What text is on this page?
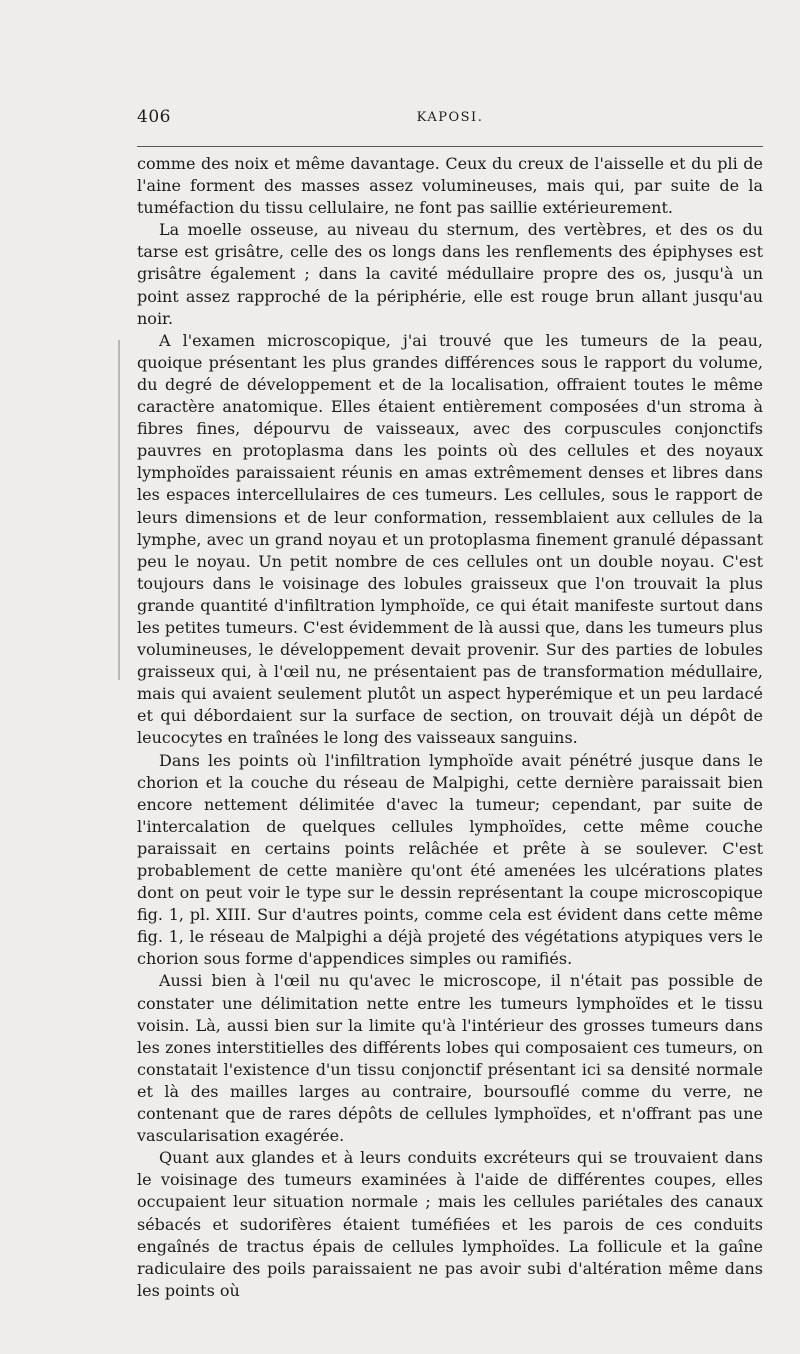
406	KAPOSI.

comme des noix et même davantage. Ceux du creux de l'aisselle et du pli de l'aine forment des masses assez volumineuses, mais qui, par suite de la tuméfaction du tissu cellulaire, ne font pas saillie extérieurement.

La moelle osseuse, au niveau du sternum, des vertèbres, et des os du tarse est grisâtre, celle des os longs dans les renflements des épiphyses est grisâtre également ; dans la cavité médullaire propre des os, jusqu'à un point assez rapproché de la périphérie, elle est rouge brun allant jusqu'au noir.

A l'examen microscopique, j'ai trouvé que les tumeurs de la peau, quoique présentant les plus grandes différences sous le rapport du volume, du degré de développement et de la localisation, offraient toutes le même caractère anatomique. Elles étaient entièrement composées d'un stroma à fibres fines, dépourvu de vaisseaux, avec des corpuscules conjonctifs pauvres en protoplasma dans les points où des cellules et des noyaux lymphoïdes paraissaient réunis en amas extrêmement denses et libres dans les espaces intercellulaires de ces tumeurs. Les cellules, sous le rapport de leurs dimensions et de leur conformation, ressemblaient aux cellules de la lymphe, avec un grand noyau et un protoplasma finement granulé dépassant peu le noyau. Un petit nombre de ces cellules ont un double noyau. C'est toujours dans le voisinage des lobules graisseux que l'on trouvait la plus grande quantité d'infiltration lymphoïde, ce qui était manifeste surtout dans les petites tumeurs. C'est évidemment de là aussi que, dans les tumeurs plus volumineuses, le développement devait provenir. Sur des parties de lobules graisseux qui, à l'œil nu, ne présentaient pas de transformation médullaire, mais qui avaient seulement plutôt un aspect hyperémique et un peu lardacé et qui débordaient sur la surface de section, on trouvait déjà un dépôt de leucocytes en traînées le long des vaisseaux sanguins.

Dans les points où l'infiltration lymphoïde avait pénétré jusque dans le chorion et la couche du réseau de Malpighi, cette dernière paraissait bien encore nettement délimitée d'avec la tumeur; cependant, par suite de l'intercalation de quelques cellules lymphoïdes, cette même couche paraissait en certains points relâchée et prête à se soulever. C'est probablement de cette manière qu'ont été amenées les ulcérations plates dont on peut voir le type sur le dessin représentant la coupe microscopique fig. 1, pl. XIII. Sur d'autres points, comme cela est évident dans cette même fig. 1, le réseau de Malpighi a déjà projeté des végétations atypiques vers le chorion sous forme d'appendices simples ou ramifiés.

Aussi bien à l'œil nu qu'avec le microscope, il n'était pas possible de constater une délimitation nette entre les tumeurs lymphoïdes et le tissu voisin. Là, aussi bien sur la limite qu'à l'intérieur des grosses tumeurs dans les zones interstitielles des différents lobes qui composaient ces tumeurs, on constatait l'existence d'un tissu conjonctif présentant ici sa densité normale et là des mailles larges au contraire, boursouflé comme du verre, ne contenant que de rares dépôts de cellules lymphoïdes, et n'offrant pas une vascularisation exagérée.

Quant aux glandes et à leurs conduits excréteurs qui se trouvaient dans le voisinage des tumeurs examinées à l'aide de différentes coupes, elles occupaient leur situation normale ; mais les cellules pariétales des canaux sébacés et sudorifères étaient tuméfiées et les parois de ces conduits engaînés de tractus épais de cellules lymphoïdes. La follicule et la gaîne radiculaire des poils paraissaient ne pas avoir subi d'altération même dans les points où
